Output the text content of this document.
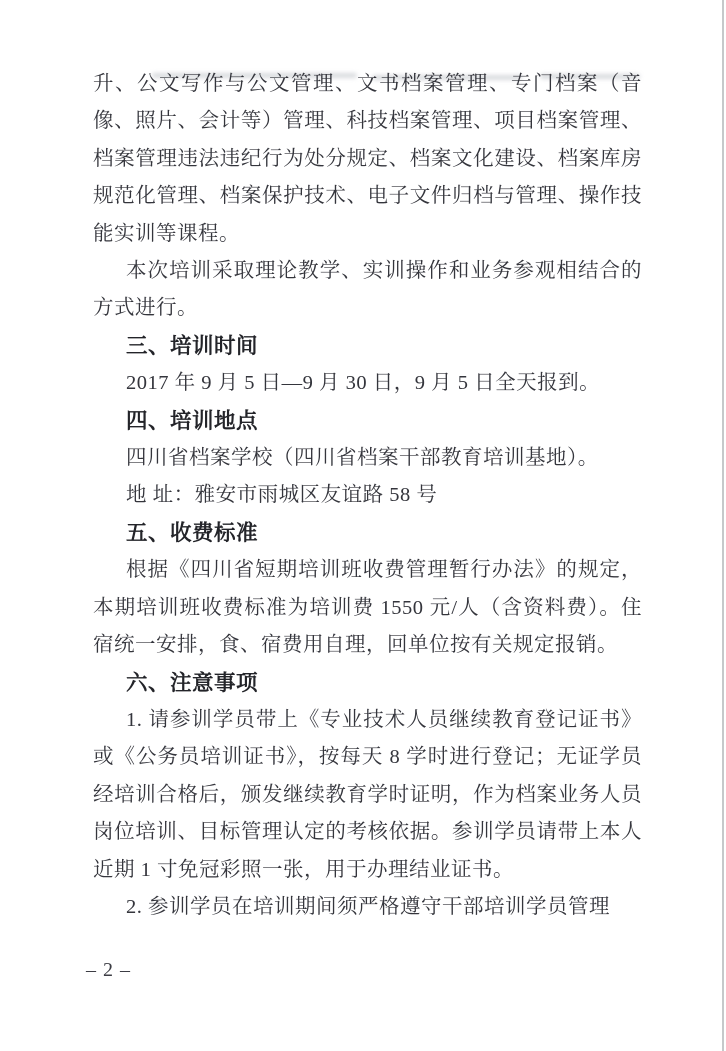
升、公文写作与公文管理、文书档案管理、专门档案（音像、照片、会计等）管理、科技档案管理、项目档案管理、档案管理违法违纪行为处分规定、档案文化建设、档案库房规范化管理、档案保护技术、电子文件归档与管理、操作技能实训等课程。

本次培训采取理论教学、实训操作和业务参观相结合的方式进行。

三、培训时间

2017 年 9 月 5 日—9 月 30 日，9 月 5 日全天报到。

四、培训地点

四川省档案学校（四川省档案干部教育培训基地）。

地 址：雅安市雨城区友谊路 58 号

五、收费标准

根据《四川省短期培训班收费管理暂行办法》的规定，本期培训班收费标准为培训费 1550 元/人（含资料费）。住宿统一安排，食、宿费用自理，回单位按有关规定报销。

六、注意事项

1. 请参训学员带上《专业技术人员继续教育登记证书》或《公务员培训证书》，按每天 8 学时进行登记；无证学员经培训合格后，颁发继续教育学时证明，作为档案业务人员岗位培训、目标管理认定的考核依据。参训学员请带上本人近期 1 寸免冠彩照一张，用于办理结业证书。

2. 参训学员在培训期间须严格遵守干部培训学员管理

– 2 –
